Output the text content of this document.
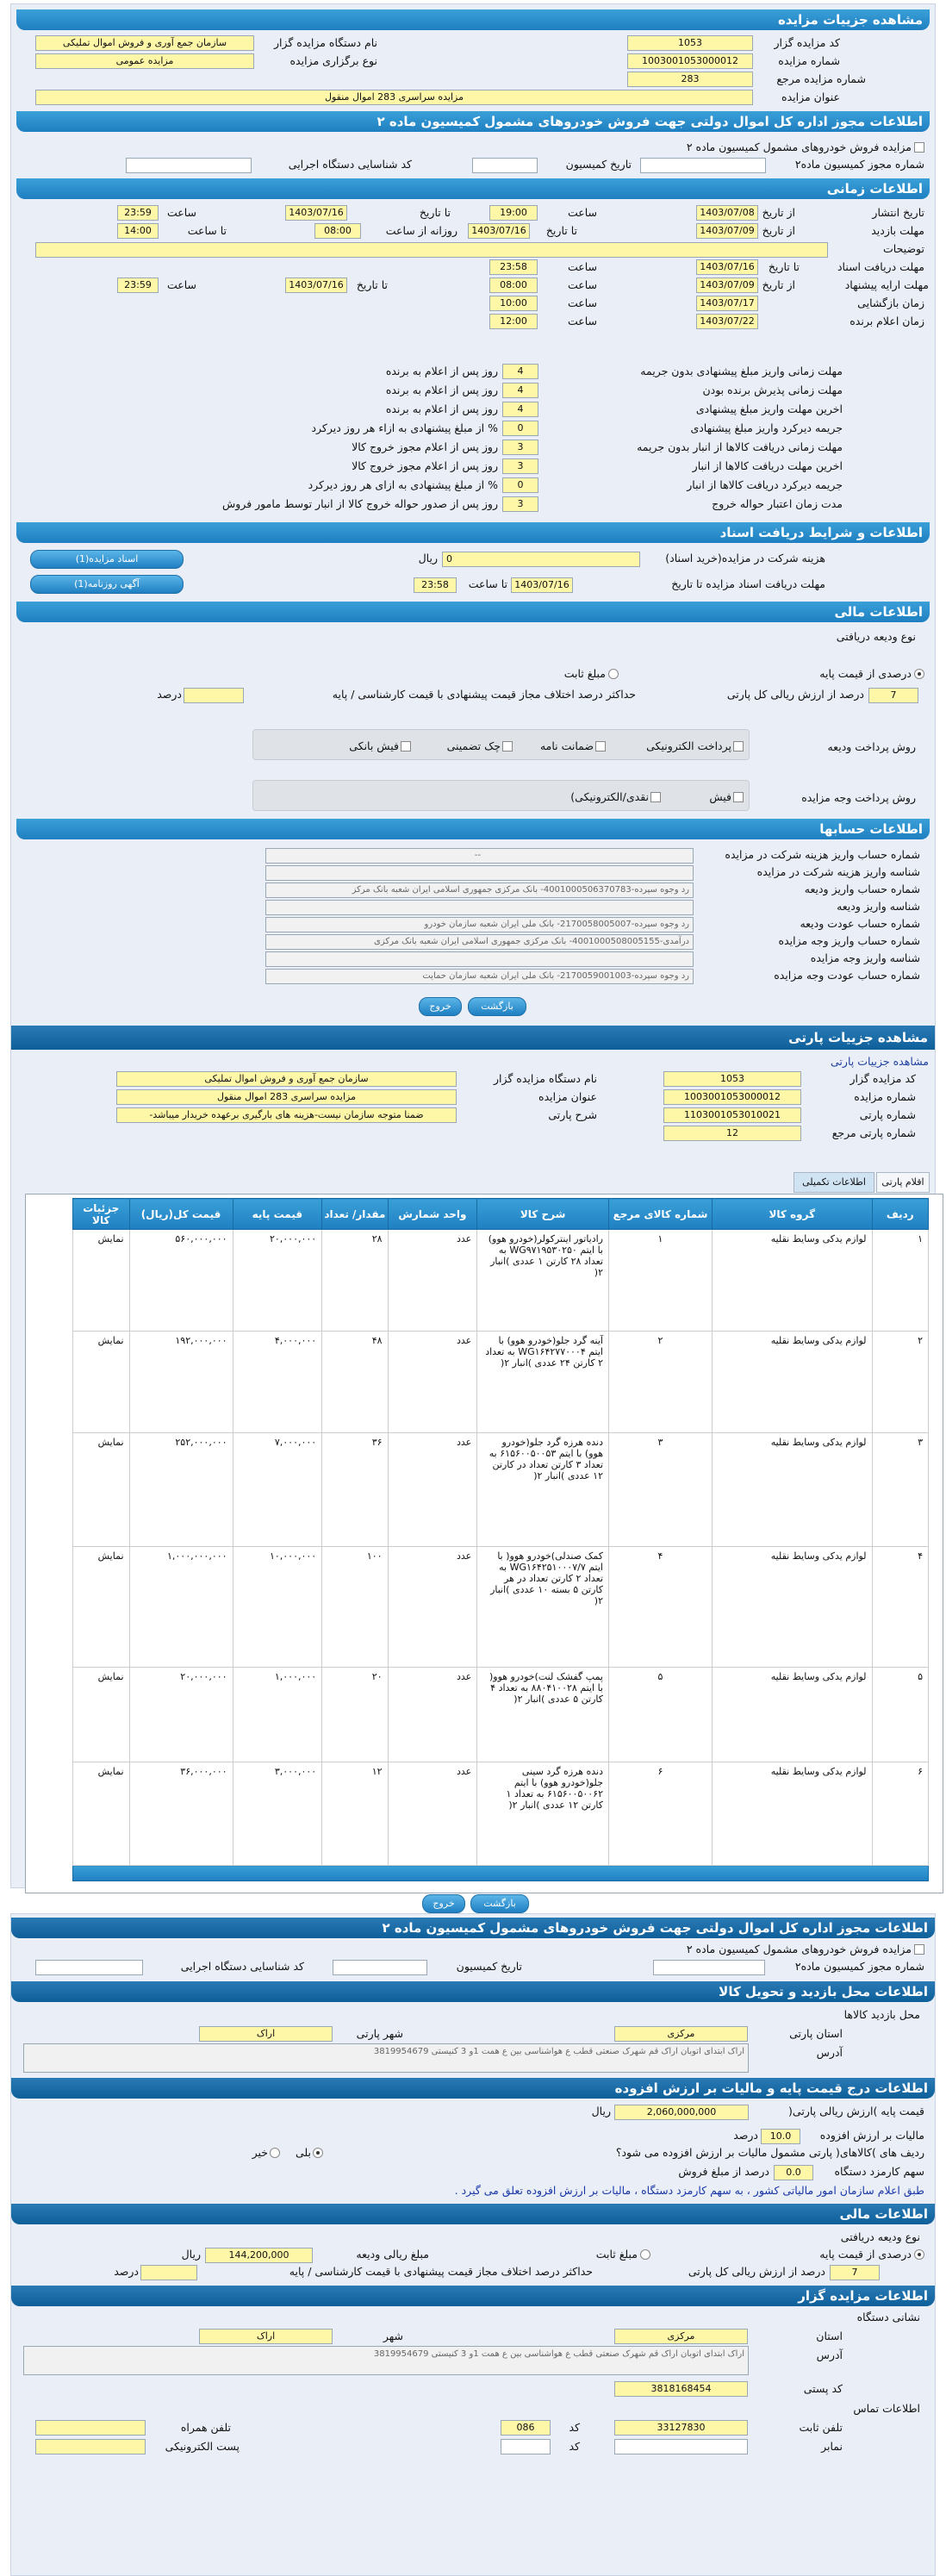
مشاهده جزییات مزایده
کد مزایده گزار
1053
شماره مزایده
1003001053000012
شماره مزایده مرجع
283
عنوان مزایده
مزایده سراسری 283 اموال منقول
نام دستگاه مزایده گزار
سازمان جمع آوری و فروش اموال تملیکی
نوع برگزاری مزایده
مزایده عمومی
اطلاعات مجوز اداره کل اموال دولتی جهت فروش خودروهای مشمول کمیسیون ماده ۲
مزایده فروش خودروهای مشمول کمیسیون ماده ۲
شماره مجوز کمیسیون ماده۲
تاریخ کمیسیون
کد شناسایی دستگاه اجرایی
اطلاعات زمانی
تاریخ انتشار
از تاریخ
1403/07/08
ساعت
19:00
تا تاریخ
1403/07/16
ساعت
23:59
مهلت بازدید
از تاریخ
1403/07/09
تا تاریخ
1403/07/16
روزانه از ساعت
08:00
تا ساعت
14:00
توضیحات
مهلت دریافت اسناد
تا تاریخ
1403/07/16
ساعت
23:58
مهلت ارایه پیشنهاد
از تاریخ
1403/07/09
ساعت
08:00
تا تاریخ
1403/07/16
ساعت
23:59
زمان بازگشایی
1403/07/17
ساعت
10:00
زمان اعلام برنده
1403/07/22
ساعت
12:00
مهلت زمانی واریز مبلغ پیشنهادی بدون جریمه
4
روز پس از اعلام به برنده
مهلت زمانی پذیرش برنده بودن
4
روز پس از اعلام به برنده
اخرین مهلت واریز مبلغ پیشنهادی
4
روز پس از اعلام به برنده
جریمه دیرکرد واریز مبلغ پیشنهادی
0
% از مبلغ پیشنهادی به ازاء هر روز دیرکرد
مهلت زمانی دریافت کالاها از انبار بدون جریمه
3
روز پس از اعلام مجوز خروج کالا
اخرین مهلت دریافت کالاها از انبار
3
روز پس از اعلام مجوز خروج کالا
جریمه دیرکرد دریافت کالاها از انبار
0
% از مبلغ پیشنهادی به ازای هر روز دیرکرد
مدت زمان اعتبار حواله خروج
3
روز پس از صدور حواله خروج کالا از انبار توسط مامور فروش
اطلاعات و شرایط دریافت اسناد
هزینه شرکت در مزایده(خرید اسناد)
0
ریال
اسناد مزایده(1)
مهلت دریافت اسناد مزایده تا تاریخ
1403/07/16
تا ساعت
23:58
آگهی روزنامه(1)
اطلاعات مالی
نوع ودیعه دریافتی
درصدی از قیمت پایه
مبلغ ثابت
7
درصد از ارزش ریالی کل پارتی
حداکثر درصد اختلاف مجاز قیمت پیشنهادی با قیمت کارشناسی / پایه
درصد
روش پرداخت ودیعه
پرداخت الکترونیکی
ضمانت نامه
چک تضمینی
فیش بانکی
روش پرداخت وجه مزایده
فیش
نقدی/الکترونیکی)
اطلاعات حسابها
شماره حساب واریز هزینه شرکت در مزایده
--
شناسه واریز هزینه شرکت در مزایده
شماره حساب واریز ودیعه
رد وجوه سپرده-4001000506370783- بانک مرکزی جمهوری اسلامی ایران شعبه بانک مرکز
شناسه واریز ودیعه
شماره حساب عودت ودیعه
رد وجوه سپرده-2170058005007- بانک ملی ایران شعبه سازمان خودرو
شماره حساب واریز وجه مزایده
درآمدی-4001000508005155- بانک مرکزی جمهوری اسلامی ایران شعبه بانک مرکزی
شناسه واریز وجه مزایده
شماره حساب عودت وجه مزایده
رد وجوه سپرده-2170059001003- بانک ملی ایران شعبه سازمان حمایت
بازگشت
خروج
مشاهده جزییات پارتی
مشاهده جزییات پارتی
نام دستگاه مزایده گزار
سازمان جمع آوری و فروش اموال تملیکی
عنوان مزایده
مزایده سراسری 283 اموال منقول
شرح پارتی
ضمنا متوجه سازمان نیست-هزینه های بارگیری برعهده خریدار میباشد-
کد مزایده گزار
1053
شماره مزایده
1003001053000012
شماره پارتی
1103001053010021
شماره پارتی مرجع
12
اقلام پارتی
اطلاعات تکمیلی
ردیف	گروه کالا	شماره کالای مرجع	شرح کالا	واحد شمارش	مقدار/ تعداد	قیمت پایه	قیمت کل(ریال)	جزئیات کالا
۱	لوازم یدکی وسایط نقلیه	۱	رادیاتور اینترکولر(خودرو هوو) با ایتم WG۹۷۱۹۵۳۰۲۵۰ به تعداد ۲۸ کارتن ۱ عددی )انبار ۲(	عدد	۲۸	۲۰,۰۰۰,۰۰۰	۵۶۰,۰۰۰,۰۰۰	نمایش
۲	لوازم یدکی وسایط نقلیه	۲	آینه گرد جلو(خودرو هوو) با ایتم WG۱۶۴۲۷۷۰۰۰۴ به تعداد ۲ کارتن ۲۴ عددی )انبار ۲(	عدد	۴۸	۴,۰۰۰,۰۰۰	۱۹۲,۰۰۰,۰۰۰	نمایش
۳	لوازم یدکی وسایط نقلیه	۳	دنده هرزه گرد جلو(خودرو هوو) با ایتم ۶۱۵۶۰۰۵۰۰۵۳ به تعداد ۳ کارتن تعداد در کارتن ۱۲ عددی )انبار ۲(	عدد	۳۶	۷,۰۰۰,۰۰۰	۲۵۲,۰۰۰,۰۰۰	نمایش
۴	لوازم یدکی وسایط نقلیه	۴	کمک صندلی)خودرو هوو( با ایتم WG۱۶۴۲۵۱۰۰۰۷/۷ به تعداد ۲ کارتن تعداد در هر کارتن ۵ بسته ۱۰ عددی )انبار ۲(	عدد	۱۰۰	۱۰,۰۰۰,۰۰۰	۱,۰۰۰,۰۰۰,۰۰۰	نمایش
۵	لوازم یدکی وسایط نقلیه	۵	پمپ گفشک لنت)خودرو هوو( با ایتم ۸۸۰۴۱۰۰۲۸ به تعداد ۴ کارتن ۵ عددی )انبار ۲(	عدد	۲۰	۱,۰۰۰,۰۰۰	۲۰,۰۰۰,۰۰۰	نمایش
۶	لوازم یدکی وسایط نقلیه	۶	دنده هرزه گرد سینی جلو(خودرو هوو) با ایتم ۶۱۵۶۰۰۵۰۰۶۲ به تعداد ۱ کارتن ۱۲ عددی )انبار ۲(	عدد	۱۲	۳,۰۰۰,۰۰۰	۳۶,۰۰۰,۰۰۰	نمایش

بازگشت
خروج
اطلاعات مجوز اداره کل اموال دولتی جهت فروش خودروهای مشمول کمیسیون ماده ۲
مزایده فروش خودروهای مشمول کمیسیون ماده ۲
شماره مجوز کمیسیون ماده۲
تاریخ کمیسیون
کد شناسایی دستگاه اجرایی
اطلاعات محل بازدید و تحویل کالا
محل بازدید کالاها
استان پارتی
مرکزی
شهر پارتی
اراک
آدرس
اراک ابتدای اتوبان اراک قم شهرک صنعتی قطب ع هواشناسی بین ع همت 1و 3 کنیستی 3819954679
اطلاعات درج قیمت پایه و مالیات بر ارزش افزوده
قیمت پایه )ارزش ریالی پارتی(
2,060,000,000
ریال
مالیات بر ارزش افزوده
10.0
درصد
ردیف های )کالاهای( پارتی مشمول مالیات بر ارزش افزوده می شود؟
بلی
خیر
سهم کارمزد دستگاه
0.0
درصد از مبلغ فروش
طبق اعلام سازمان امور مالیاتی کشور ، به سهم کارمزد دستگاه ، مالیات بر ارزش افزوده تعلق می گیرد .
اطلاعات مالی
نوع ودیعه دریافتی
درصدی از قیمت پایه
مبلغ ثابت
مبلغ ریالی ودیعه
144,200,000
ریال
7
درصد از ارزش ریالی کل پارتی
حداکثر درصد اختلاف مجاز قیمت پیشنهادی با قیمت کارشناسی / پایه
درصد
اطلاعات مزایده گزار
نشانی دستگاه
استان
مرکزی
شهر
اراک
آدرس
اراک ابتدای اتوبان اراک قم شهرک صنعتی قطب ع هواشناسی بین ع همت 1و 3 کنیستی 3819954679
کد پستی
3818168454
اطلاعات تماس
تلفن ثابت
33127830
کد
086
تلفن همراه
نمابر
کد
پست الکترونیکی
